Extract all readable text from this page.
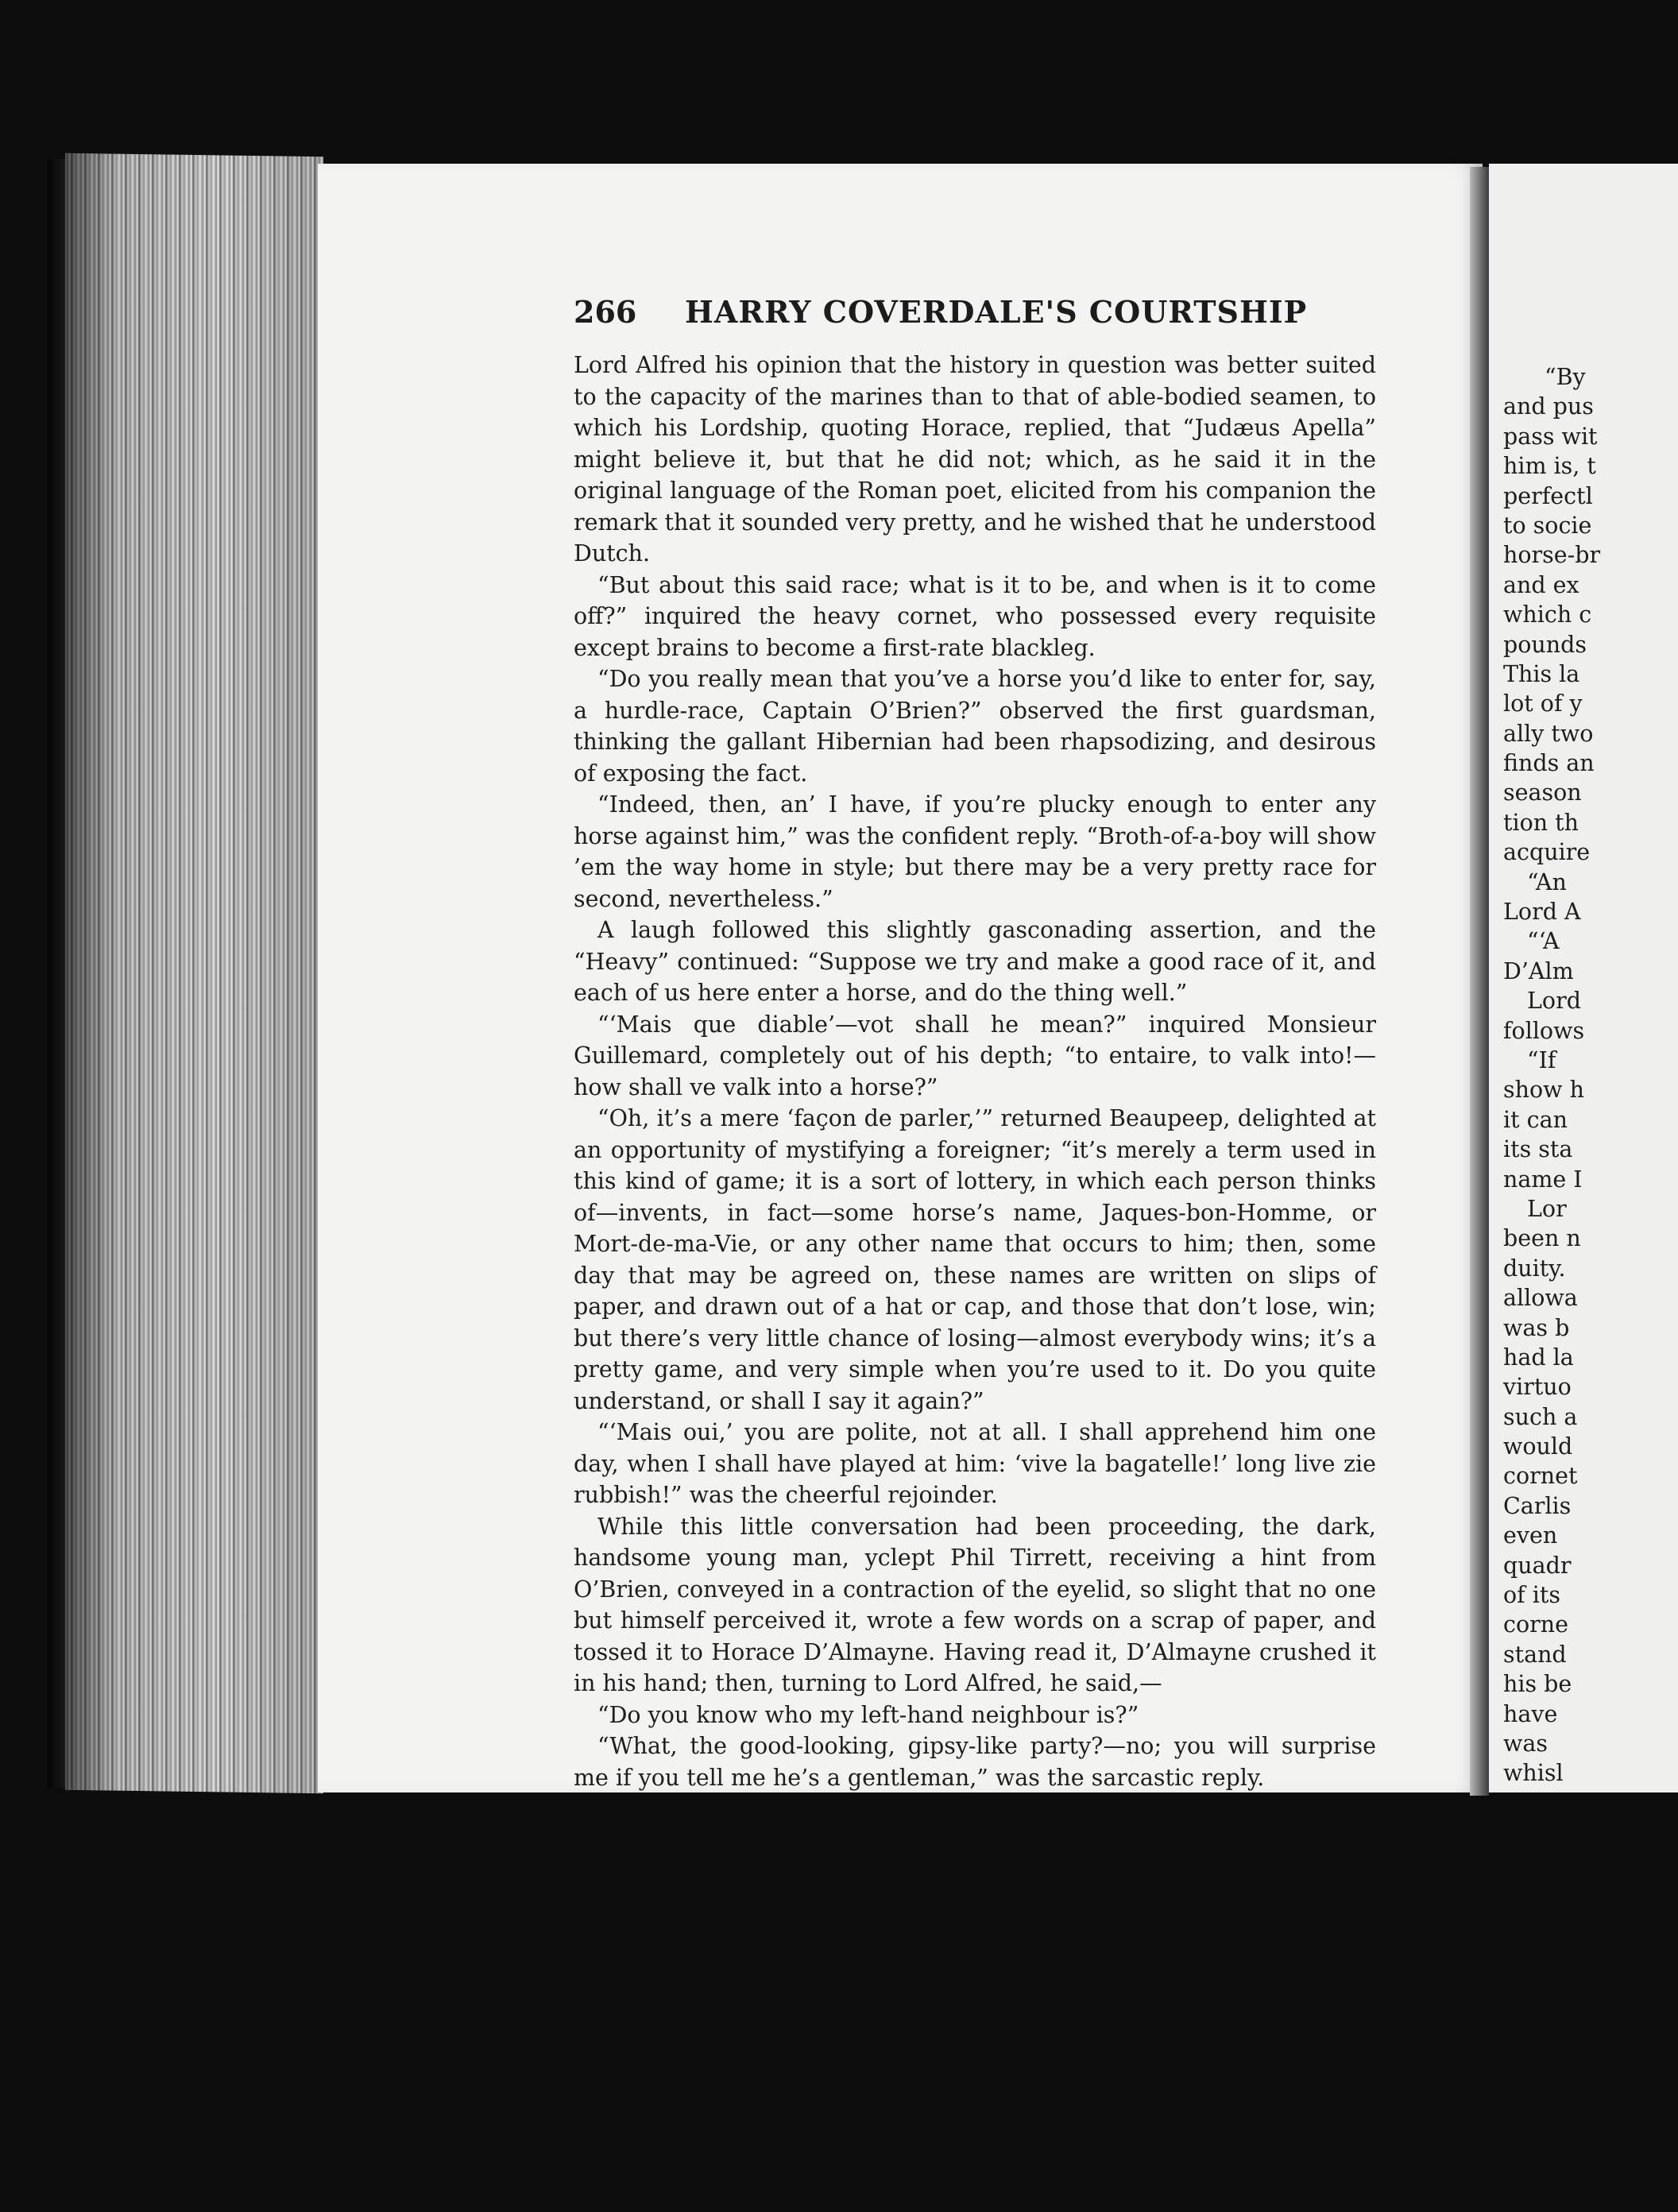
“By
and pus
pass wit
him is, t
perfectl
to socie
horse-br
and ex
which c
pounds
This la
lot of y
ally two
finds an
season
tion th
acquire
“An
Lord A
“‘A
D’Alm
Lord
follows
“If
show h
it can
its sta
name I
Lor
been n
duity.
allowa
was b
had la
virtuo
such a
would
cornet
Carlis
even
quadr
of its
corne
stand
his be
have
was
whisl
266 HARRY COVERDALE'S COURTSHIP

Lord Alfred his opinion that the history in question was better suited to the capacity of the marines than to that of able-bodied seamen, to which his Lordship, quoting Horace, replied, that “Judæus Apella” might believe it, but that he did not; which, as he said it in the original language of the Roman poet, elicited from his companion the remark that it sounded very pretty, and he wished that he understood Dutch.

“But about this said race; what is it to be, and when is it to come off?” inquired the heavy cornet, who possessed every requisite except brains to become a first-rate blackleg.

“Do you really mean that you’ve a horse you’d like to enter for, say, a hurdle-race, Captain O’Brien?” observed the first guardsman, thinking the gallant Hibernian had been rhapsodizing, and desirous of exposing the fact.

“Indeed, then, an’ I have, if you’re plucky enough to enter any horse against him,” was the confident reply. “Broth-of-a-boy will show ’em the way home in style; but there may be a very pretty race for second, nevertheless.”

A laugh followed this slightly gasconading assertion, and the “Heavy” continued: “Suppose we try and make a good race of it, and each of us here enter a horse, and do the thing well.”

“‘Mais que diable’—vot shall he mean?” inquired Monsieur Guillemard, completely out of his depth; “to entaire, to valk into!—how shall ve valk into a horse?”

“Oh, it’s a mere ‘façon de parler,’” returned Beaupeep, delighted at an opportunity of mystifying a foreigner; “it’s merely a term used in this kind of game; it is a sort of lottery, in which each person thinks of—invents, in fact—some horse’s name, Jaques-bon-Homme, or Mort-de-ma-Vie, or any other name that occurs to him; then, some day that may be agreed on, these names are written on slips of paper, and drawn out of a hat or cap, and those that don’t lose, win; but there’s very little chance of losing—almost everybody wins; it’s a pretty game, and very simple when you’re used to it. Do you quite understand, or shall I say it again?”

“‘Mais oui,’ you are polite, not at all. I shall apprehend him one day, when I shall have played at him: ‘vive la bagatelle!’ long live zie rubbish!” was the cheerful rejoinder.

While this little conversation had been proceeding, the dark, handsome young man, yclept Phil Tirrett, receiving a hint from O’Brien, conveyed in a contraction of the eyelid, so slight that no one but himself perceived it, wrote a few words on a scrap of paper, and tossed it to Horace D’Almayne. Having read it, D’Almayne crushed it in his hand; then, turning to Lord Alfred, he said,—

“Do you know who my left-hand neighbour is?”

“What, the good-looking, gipsy-like party?—no; you will surprise me if you tell me he’s a gentleman,” was the sarcastic reply.
